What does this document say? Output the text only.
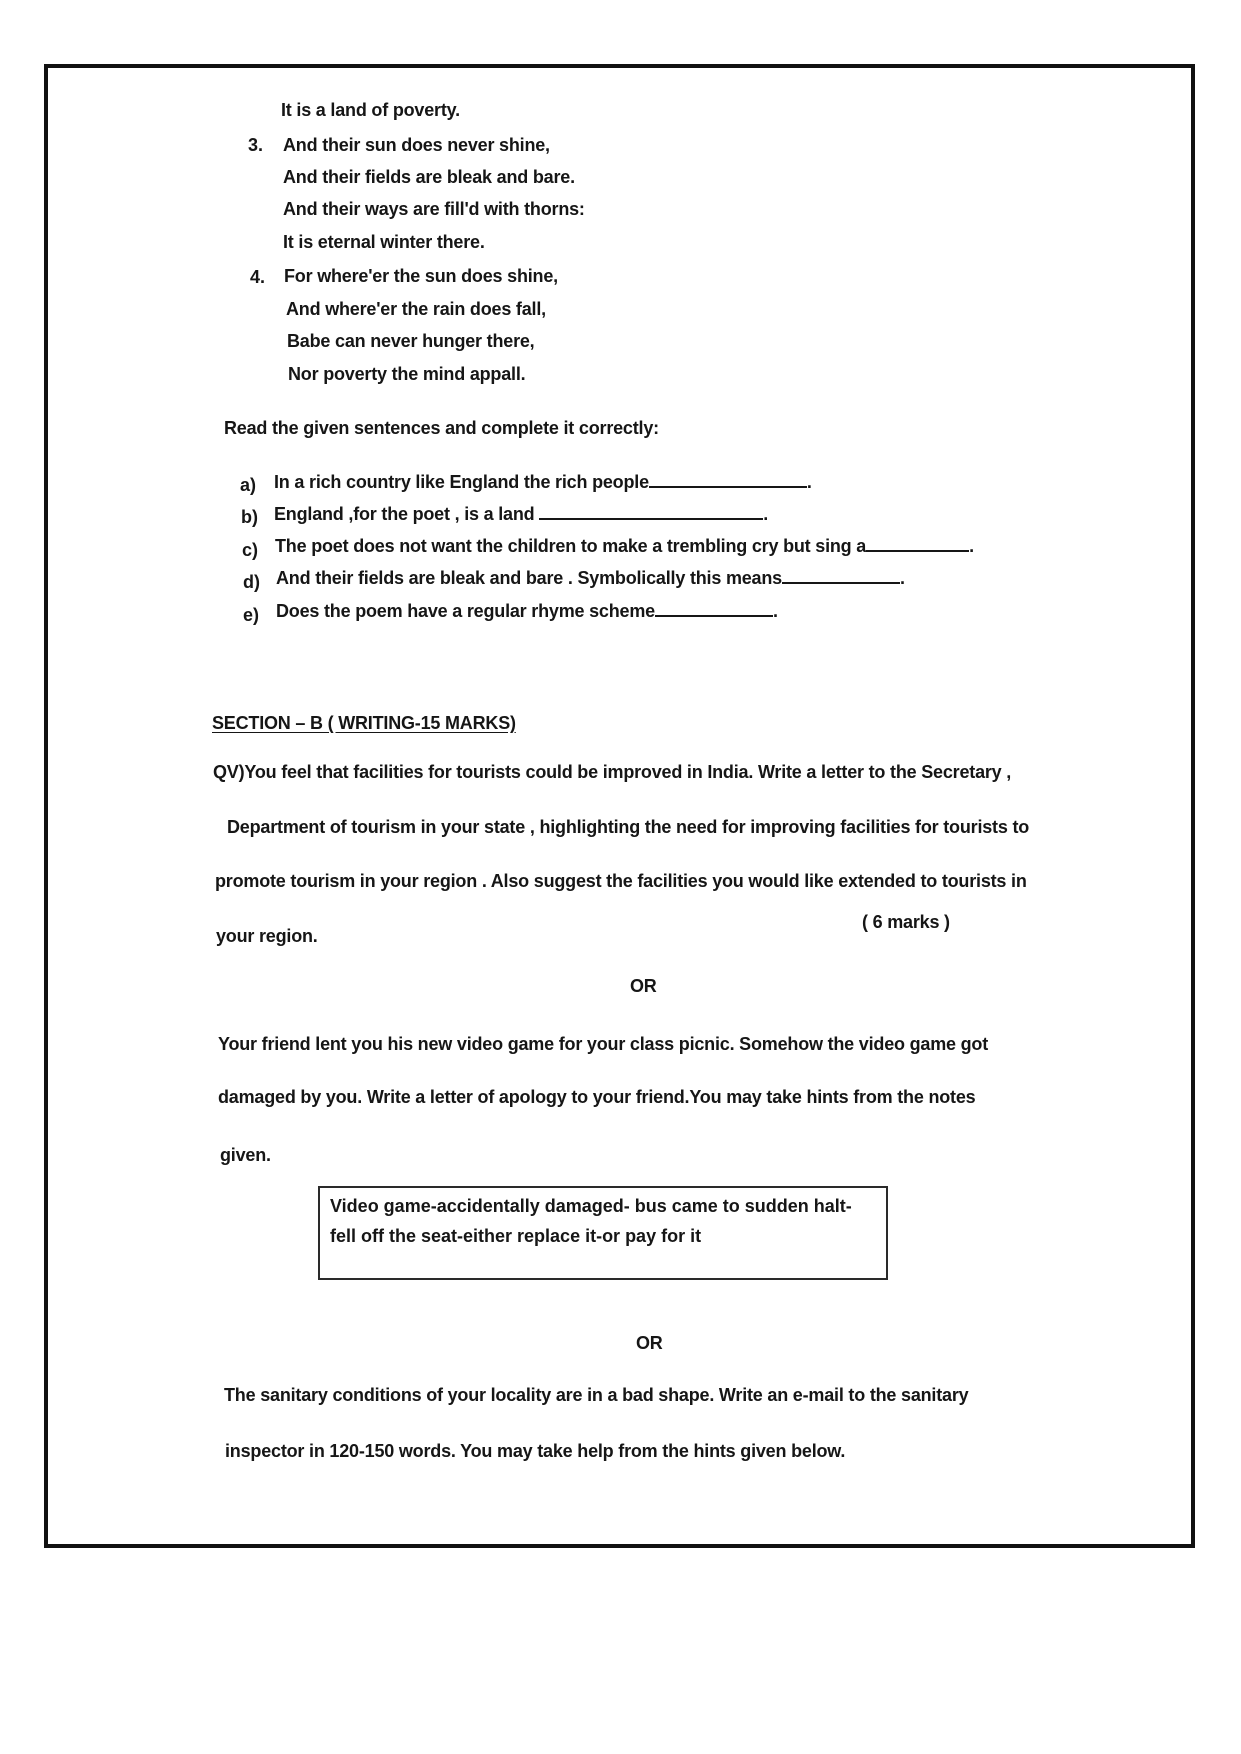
It is a land of poverty.
3. And their sun does never shine,
And their fields are bleak and bare.
And their ways are fill'd with thorns:
It is eternal winter there.
4. For where'er the sun does shine,
And where'er the rain does fall,
Babe can never hunger there,
Nor poverty the mind appall.
Read the given sentences and complete it correctly:
a) In a rich country like England the rich people	.
b) England ,for the poet , is a land	.
c) The poet does not want the children to make a trembling cry but sing a	.
d) And their fields are bleak and bare . Symbolically this means	.
e) Does the poem have a regular rhyme scheme	.
SECTION – B ( WRITING-15 MARKS)
QV)You feel that facilities for tourists could be improved in India. Write a letter to the Secretary ,
Department of tourism in your state , highlighting the need for improving facilities for tourists to
promote tourism in your region . Also suggest the facilities you would like extended to tourists in
your region.
( 6 marks )
OR
Your friend lent you his new video game for your class picnic. Somehow the video game got
damaged by you. Write a letter of apology to your friend.You may take hints from the notes
given.
Video game-accidentally damaged- bus came to sudden halt-
fell off the seat-either replace it-or pay for it
OR
The sanitary conditions of your locality are in a bad shape. Write an e-mail to the sanitary
inspector in 120-150 words. You may take help from the hints given below.
